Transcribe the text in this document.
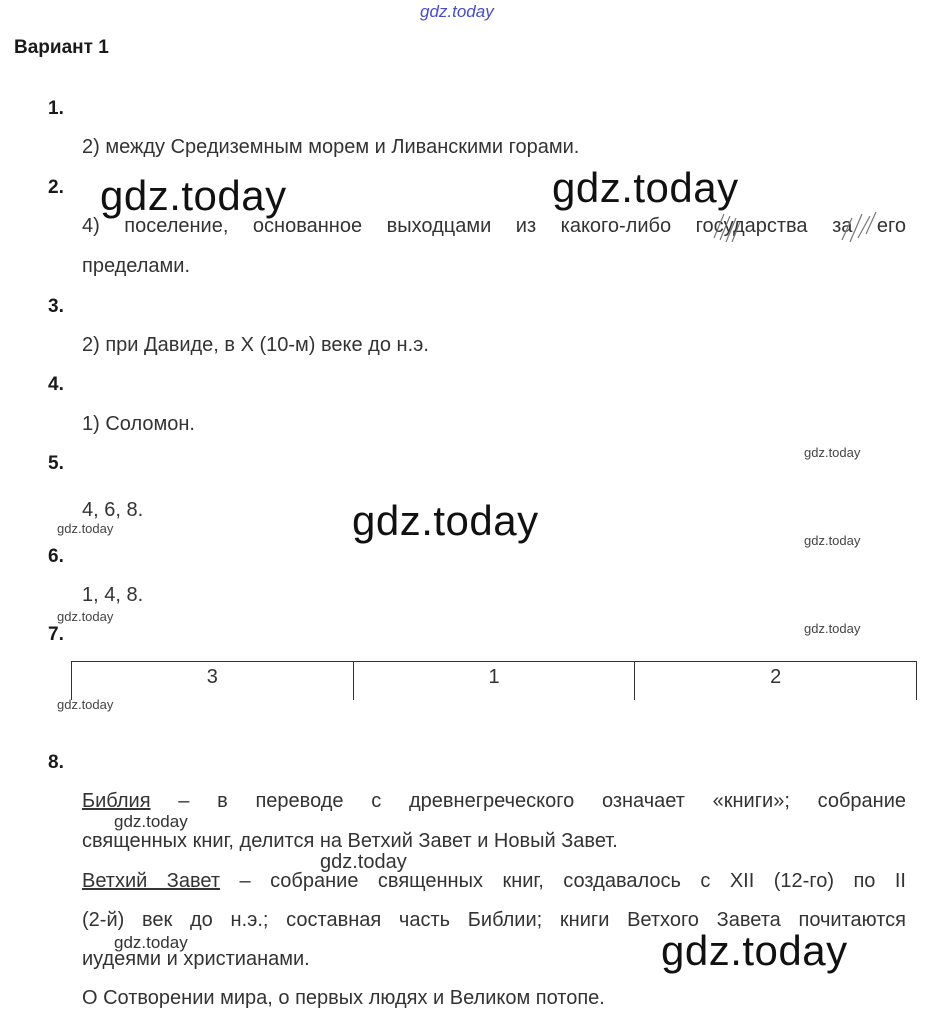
gdz.today
Вариант 1
1.
2) между Средиземным морем и Ливанскими горами.
2.
4) поселение, основанное выходцами из какого-либо государства за его
пределами.
3.
2) при Давиде, в X (10-м) веке до н.э.
4.
1) Соломон.
5.
4, 6, 8.
6.
1, 4, 8.
7.
3	1	2
8.
Библия – в переводе с древнегреческого означает «книги»; собрание
священных книг, делится на Ветхий Завет и Новый Завет.
Ветхий Завет – собрание священных книг, создавалось с XII (12-го) по II
(2-й) век до н.э.; составная часть Библии; книги Ветхого Завета почитаются
иудеями и христианами.
О Сотворении мира, о первых людях и Великом потопе.
gdz.today	gdz.today
gdz.today
gdz.today
gdz.today
gdz.today
gdz.today
gdz.today
gdz.today
gdz.today
gdz.today
gdz.today
gdz.today
